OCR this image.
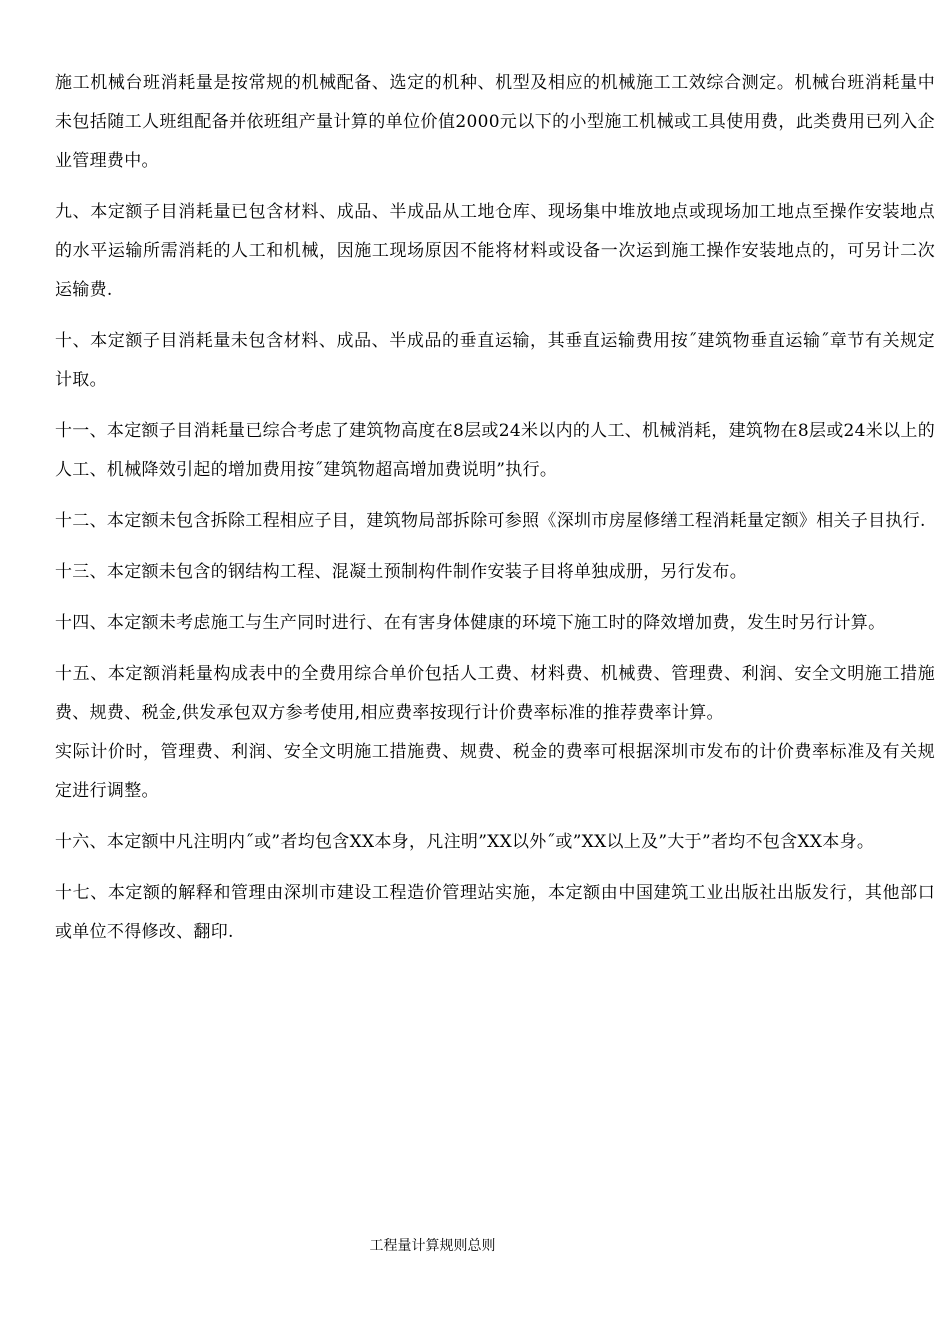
施工机械台班消耗量是按常规的机械配备、选定的机种、机型及相应的机械施工工效综合测定。机械台班消耗量中未包括随工人班组配备并依班组产量计算的单位价值2000元以下的小型施工机械或工具使用费，此类费用已列入企业管理费中。

九、本定额子目消耗量已包含材料、成品、半成品从工地仓库、现场集中堆放地点或现场加工地点至操作安装地点的水平运输所需消耗的人工和机械，因施工现场原因不能将材料或设备一次运到施工操作安装地点的，可另计二次运输费.

十、本定额子目消耗量未包含材料、成品、半成品的垂直运输，其垂直运输费用按˝建筑物垂直运输˝章节有关规定计取。

十一、本定额子目消耗量已综合考虑了建筑物高度在8层或24米以内的人工、机械消耗，建筑物在8层或24米以上的人工、机械降效引起的增加费用按˝建筑物超高增加费说明”执行。

十二、本定额未包含拆除工程相应子目，建筑物局部拆除可参照《深圳市房屋修缮工程消耗量定额》相关子目执行.

十三、本定额未包含的钢结构工程、混凝土预制构件制作安装子目将单独成册，另行发布。

十四、本定额未考虑施工与生产同时进行、在有害身体健康的环境下施工时的降效增加费，发生时另行计算。

十五、本定额消耗量构成表中的全费用综合单价包括人工费、材料费、机械费、管理费、利润、安全文明施工措施费、规费、税金,供发承包双方参考使用,相应费率按现行计价费率标准的推荐费率计算。

实际计价时，管理费、利润、安全文明施工措施费、规费、税金的费率可根据深圳市发布的计价费率标准及有关规定进行调整。

十六、本定额中凡注明内˝或”者均包含XX本身，凡注明”XX以外˝或”XX以上及”大于”者均不包含XX本身。

十七、本定额的解释和管理由深圳市建设工程造价管理站实施，本定额由中国建筑工业出版社出版发行，其他部口或单位不得修改、翻印.

工程量计算规则总则
